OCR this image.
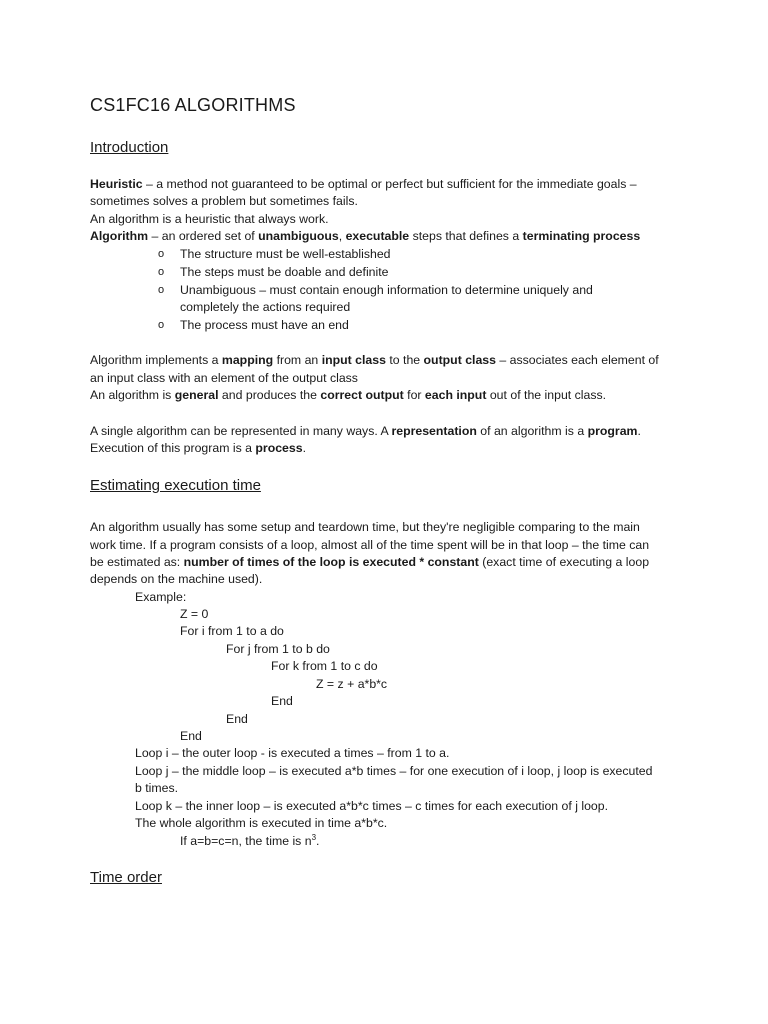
CS1FC16 ALGORITHMS
Introduction
Heuristic – a method not guaranteed to be optimal or perfect but sufficient for the immediate goals –
sometimes solves a problem but sometimes fails.
An algorithm is a heuristic that always work.
Algorithm – an ordered set of unambiguous, executable steps that defines a terminating process
o The structure must be well-established
o The steps must be doable and definite
o Unambiguous – must contain enough information to determine uniquely and
completely the actions required
o The process must have an end
Algorithm implements a mapping from an input class to the output class – associates each element of
an input class with an element of the output class
An algorithm is general and produces the correct output for each input out of the input class.
A single algorithm can be represented in many ways. A representation of an algorithm is a program.
Execution of this program is a process.
Estimating execution time
An algorithm usually has some setup and teardown time, but they're negligible comparing to the main
work time. If a program consists of a loop, almost all of the time spent will be in that loop – the time can
be estimated as: number of times of the loop is executed * constant (exact time of executing a loop
depends on the machine used).
Example:
Z = 0
For i from 1 to a do
For j from 1 to b do
For k from 1 to c do
Z = z + a*b*c
End
End
End
Loop i – the outer loop - is executed a times – from 1 to a.
Loop j – the middle loop – is executed a*b times – for one execution of i loop, j loop is executed
b times.
Loop k – the inner loop – is executed a*b*c times – c times for each execution of j loop.
The whole algorithm is executed in time a*b*c.
If a=b=c=n, the time is $n^3$.
Time order
